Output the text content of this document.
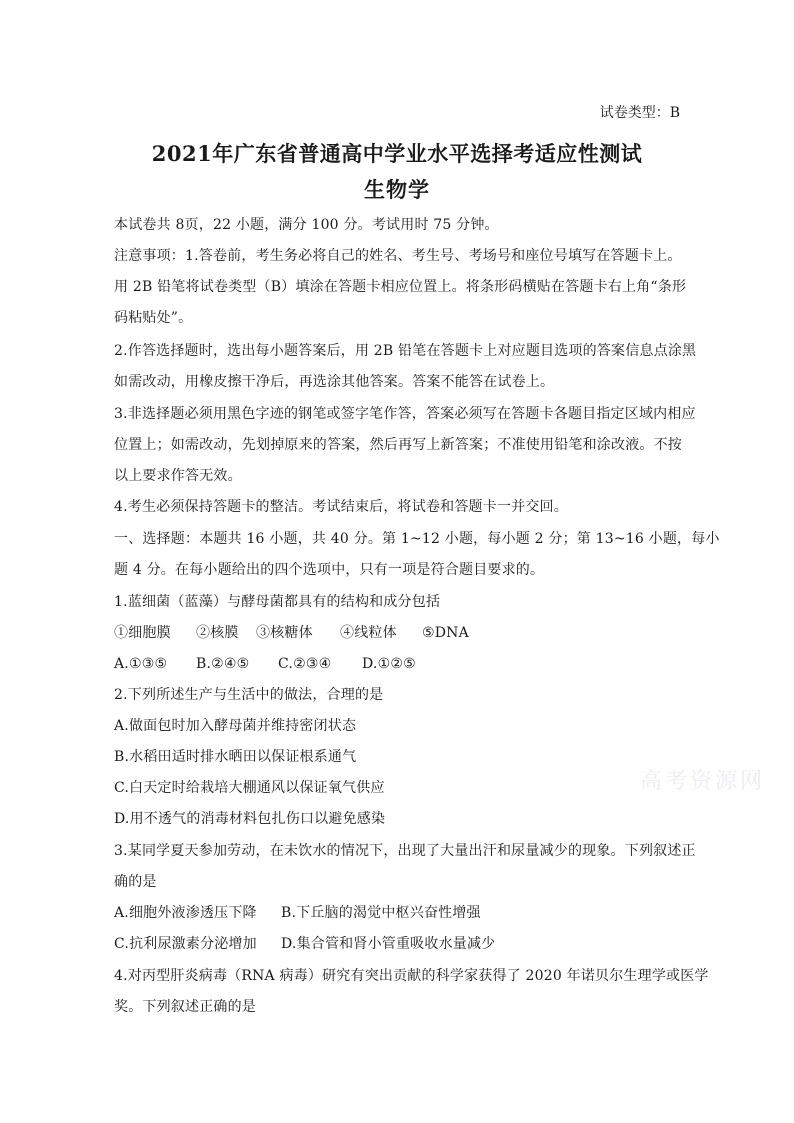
试卷类型：B
2021年广东省普通高中学业水平选择考适应性测试
生物学
本试卷共 8页，22 小题，满分 100 分。考试用时 75 分钟。
注意事项：1.答卷前，考生务必将自己的姓名、考生号、考场号和座位号填写在答题卡上。
用 2B 铅笔将试卷类型（B）填涂在答题卡相应位置上。将条形码横贴在答题卡右上角“条形
码粘贴处”。
2.作答选择题时，选出每小题答案后，用 2B 铅笔在答题卡上对应题目选项的答案信息点涂黑
如需改动，用橡皮擦干净后，再选涂其他答案。答案不能答在试卷上。
3.非选择题必须用黑色字迹的钢笔或签字笔作答，答案必须写在答题卡各题目指定区域内相应
位置上；如需改动，先划掉原来的答案，然后再写上新答案；不准使用铅笔和涂改液。不按
以上要求作答无效。
4.考生必须保持答题卡的整洁。考试结束后，将试卷和答题卡一并交回。
一、选择题：本题共 16 小题，共 40 分。第 1~12 小题，每小题 2 分；第 13~16 小题，每小
题 4 分。在每小题给出的四个选项中，只有一项是符合题目要求的。
1.蓝细菌（蓝藻）与酵母菌都具有的结构和成分包括
①细胞膜 ②核膜 ③核糖体 ④线粒体 ⑤DNA
A.①③⑤ B.②④⑤ C.②③④ D.①②⑤
2.下列所述生产与生活中的做法，合理的是
A.做面包时加入酵母菌并维持密闭状态
B.水稻田适时排水晒田以保证根系通气
C.白天定时给栽培大棚通风以保证氧气供应
D.用不透气的消毒材料包扎伤口以避免感染
3.某同学夏天参加劳动，在未饮水的情况下，出现了大量出汗和尿量减少的现象。下列叙述正
确的是
A.细胞外液渗透压下降 B.下丘脑的渴觉中枢兴奋性增强
C.抗利尿激素分泌增加 D.集合管和肾小管重吸收水量减少
4.对丙型肝炎病毒（RNA 病毒）研究有突出贡献的科学家获得了 2020 年诺贝尔生理学或医学
奖。下列叙述正确的是
高考资源网
